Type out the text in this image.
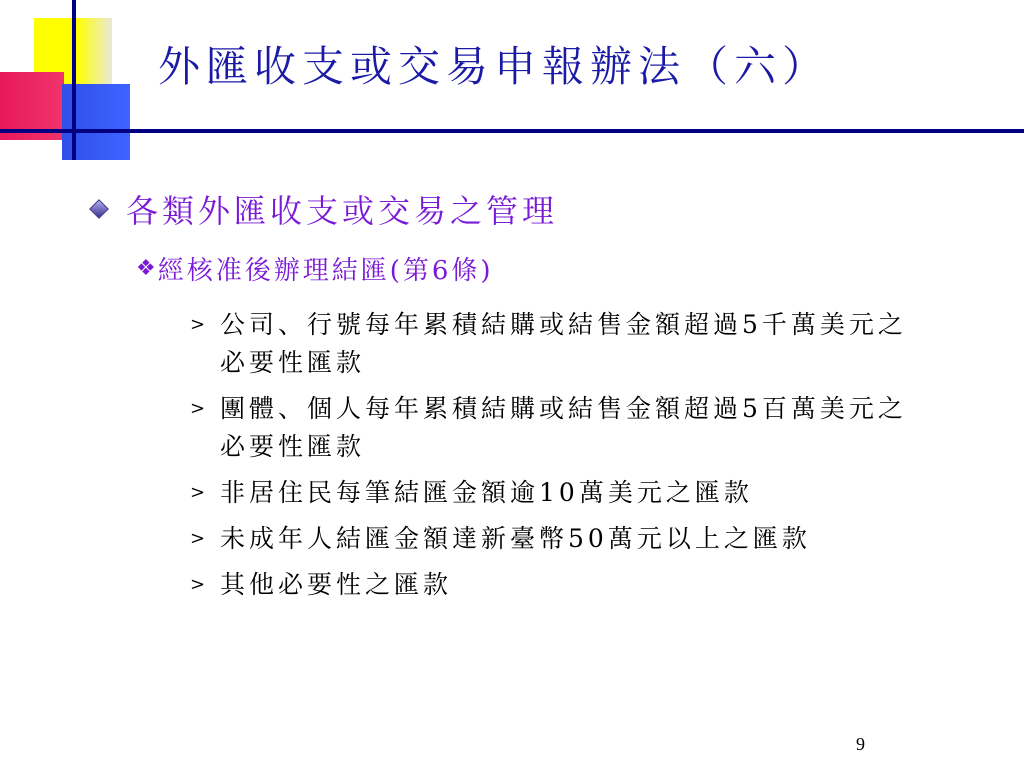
外匯收支或交易申報辦法（六）
各類外匯收支或交易之管理
❖ 經核准後辦理結匯(第6條)
> 公司、行號每年累積結購或結售金額超過5千萬美元之必要性匯款
> 團體、個人每年累積結購或結售金額超過5百萬美元之必要性匯款
> 非居住民每筆結匯金額逾10萬美元之匯款
> 未成年人結匯金額達新臺幣50萬元以上之匯款
> 其他必要性之匯款
9
